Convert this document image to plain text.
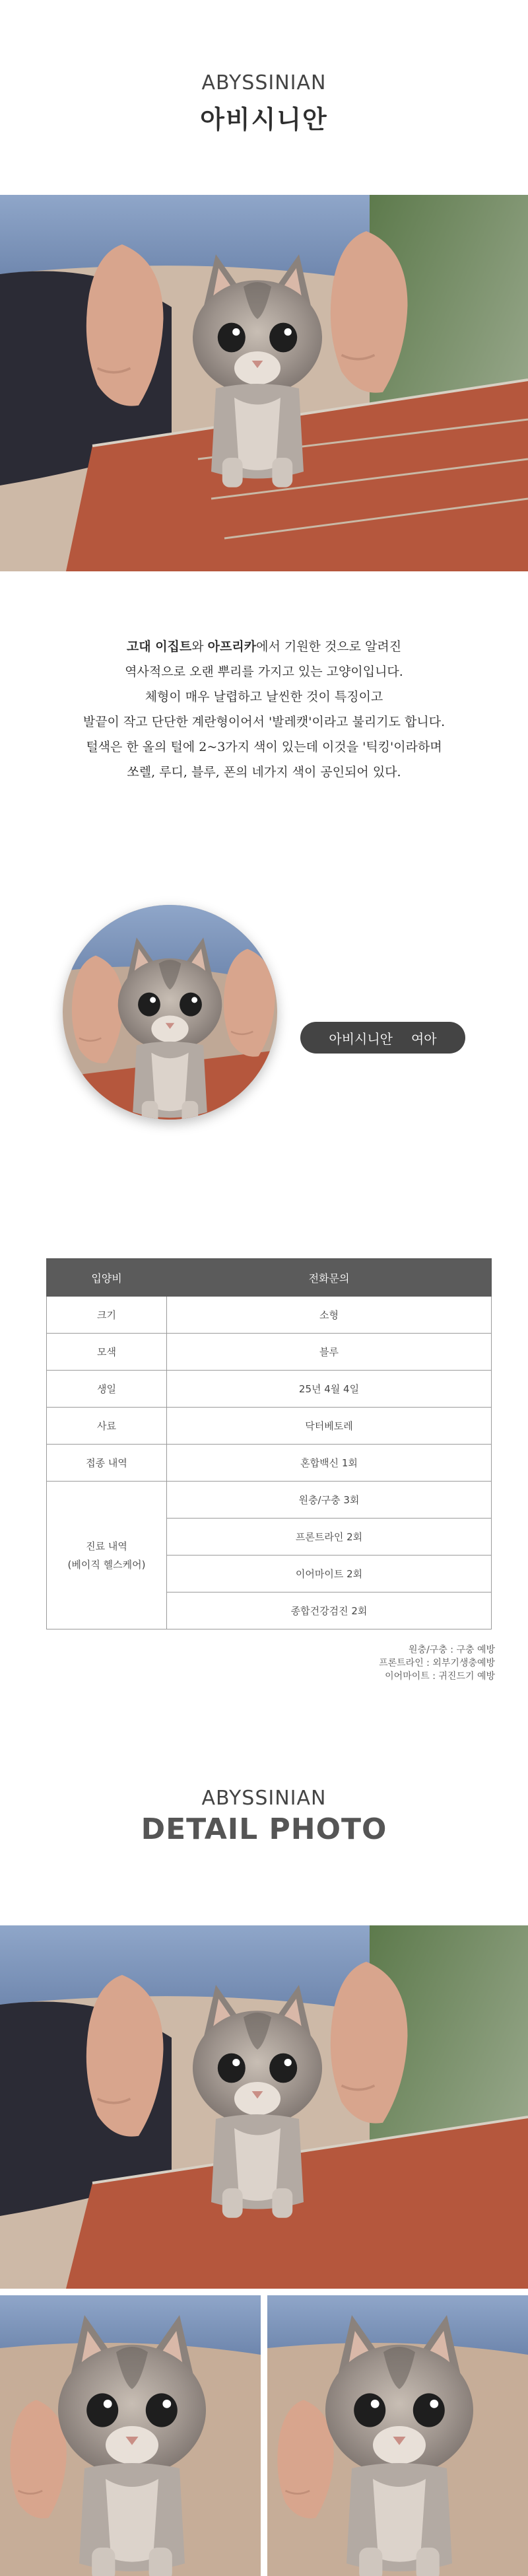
ABYSSINIAN
아비시니안
고대 이집트와 아프리카에서 기원한 것으로 알려진
역사적으로 오랜 뿌리를 가지고 있는 고양이입니다.
체형이 매우 날렵하고 날씬한 것이 특징이고
발끝이 작고 단단한 계란형이어서 '발레캣'이라고 불리기도 합니다.
털색은 한 올의 털에 2~3가지 색이 있는데 이것을 '틱킹'이라하며
쏘렐, 루디, 블루, 폰의 네가지 색이 공인되어 있다.
아비시니안 여아
입양비	전화문의
크기	소형
모색	블루
생일	25년 4월 4일
사료	닥터베토레
접종 내역	혼합백신 1회

진료 내역
(베이직 헬스케어)	원충/구충 3회
	프론트라인 2회
	이어마이트 2회
	종합건강검진 2회
원충/구충 : 구충 예방
프론트라인 : 외부기생충예방
이어마이트 : 귀진드기 예방
ABYSSINIAN
DETAIL PHOTO
